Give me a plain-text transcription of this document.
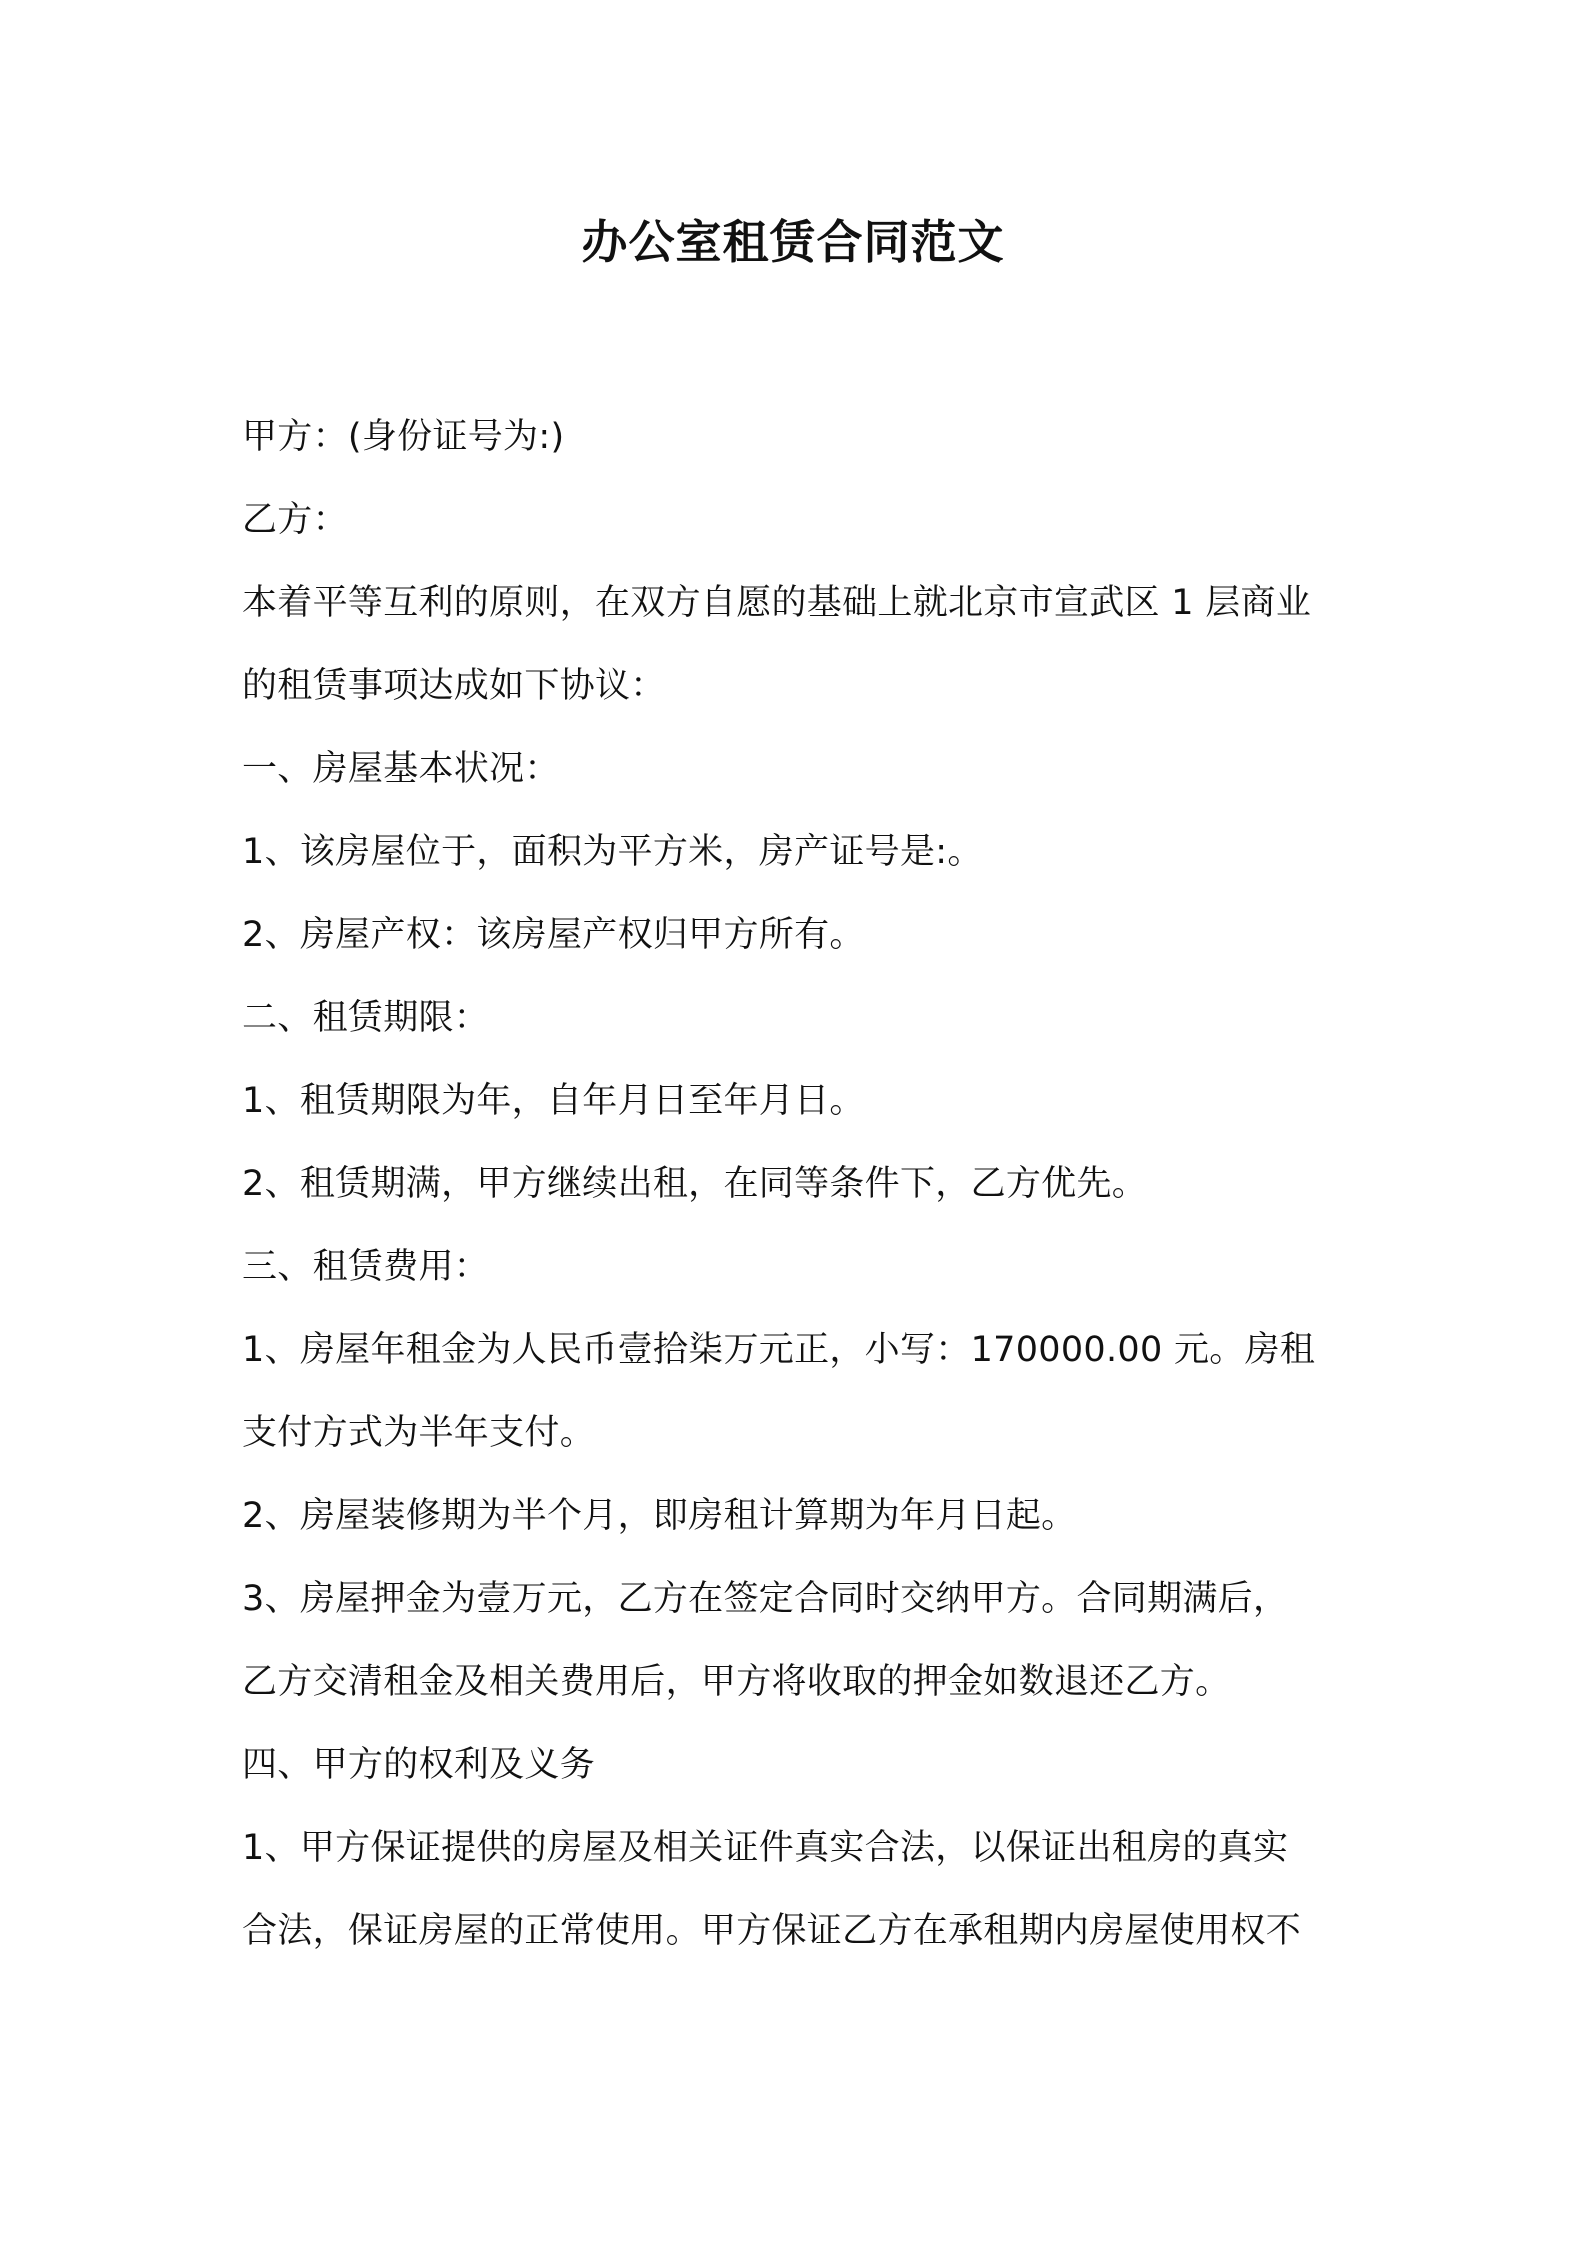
办公室租赁合同范文
甲方：(身份证号为:)
乙方：
本着平等互利的原则，在双方自愿的基础上就北京市宣武区 1 层商业
的租赁事项达成如下协议：
一、房屋基本状况：
1、该房屋位于，面积为平方米，房产证号是:。
2、房屋产权：该房屋产权归甲方所有。
二、租赁期限：
1、租赁期限为年，自年月日至年月日。
2、租赁期满，甲方继续出租，在同等条件下，乙方优先。
三、租赁费用：
1、房屋年租金为人民币壹拾柒万元正，小写：170000.00 元。房租
支付方式为半年支付。
2、房屋装修期为半个月，即房租计算期为年月日起。
3、房屋押金为壹万元，乙方在签定合同时交纳甲方。合同期满后，
乙方交清租金及相关费用后，甲方将收取的押金如数退还乙方。
四、甲方的权利及义务
1、甲方保证提供的房屋及相关证件真实合法，以保证出租房的真实
合法，保证房屋的正常使用。甲方保证乙方在承租期内房屋使用权不
